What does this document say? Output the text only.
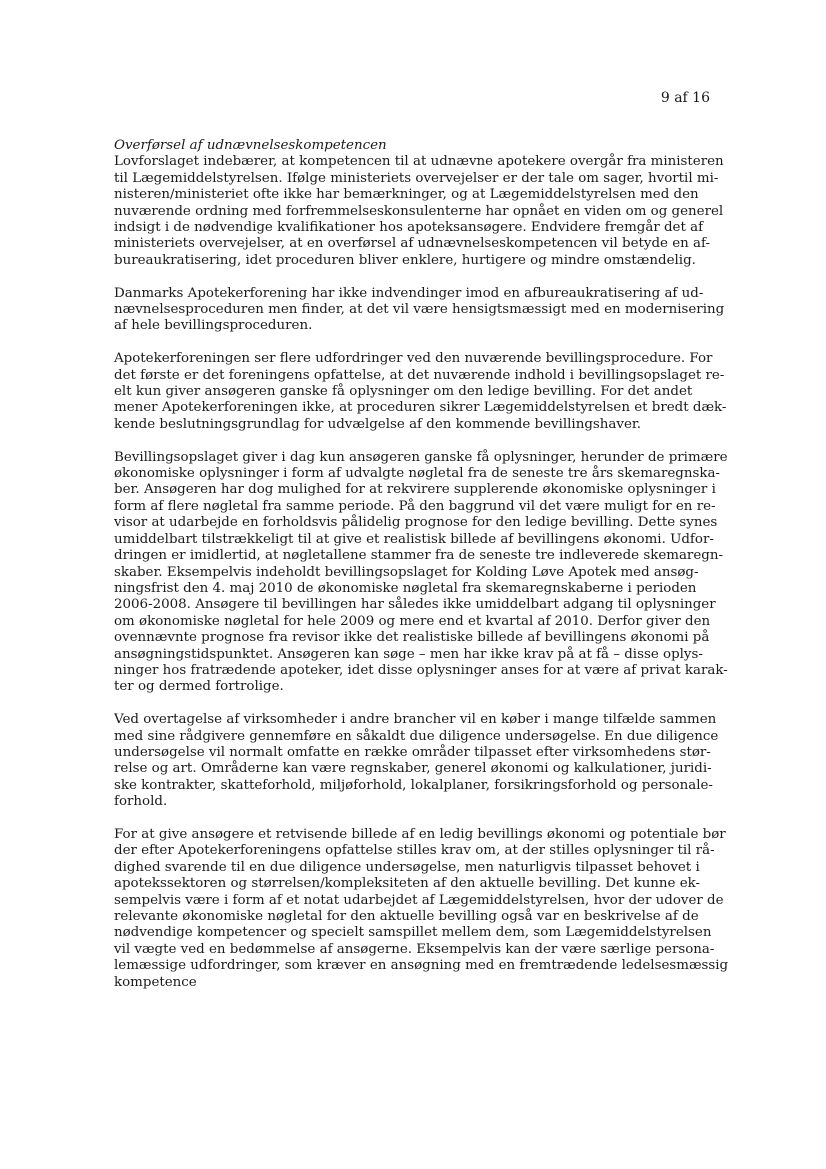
9 af 16

Overførsel af udnævnelseskompetencen

Lovforslaget indebærer, at kompetencen til at udnævne apotekere overgår fra ministeren
til Lægemiddelstyrelsen. Ifølge ministeriets overvejelser er der tale om sager, hvortil mi-
nisteren/ministeriet ofte ikke har bemærkninger, og at Lægemiddelstyrelsen med den
nuværende ordning med forfremmelseskonsulenterne har opnået en viden om og generel
indsigt i de nødvendige kvalifikationer hos apoteksansøgere. Endvidere fremgår det af
ministeriets overvejelser, at en overførsel af udnævnelseskompetencen vil betyde en af-
bureaukratisering, idet proceduren bliver enklere, hurtigere og mindre omstændelig.
Danmarks Apotekerforening har ikke indvendinger imod en afbureaukratisering af ud-
nævnelsesproceduren men finder, at det vil være hensigtsmæssigt med en modernisering
af hele bevillingsproceduren.
Apotekerforeningen ser flere udfordringer ved den nuværende bevillingsprocedure. For
det første er det foreningens opfattelse, at det nuværende indhold i bevillingsopslaget re-
elt kun giver ansøgeren ganske få oplysninger om den ledige bevilling. For det andet
mener Apotekerforeningen ikke, at proceduren sikrer Lægemiddelstyrelsen et bredt dæk-
kende beslutningsgrundlag for udvælgelse af den kommende bevillingshaver.
Bevillingsopslaget giver i dag kun ansøgeren ganske få oplysninger, herunder de primære
økonomiske oplysninger i form af udvalgte nøgletal fra de seneste tre års skemaregnska-
ber. Ansøgeren har dog mulighed for at rekvirere supplerende økonomiske oplysninger i
form af flere nøgletal fra samme periode. På den baggrund vil det være muligt for en re-
visor at udarbejde en forholdsvis pålidelig prognose for den ledige bevilling. Dette synes
umiddelbart tilstrækkeligt til at give et realistisk billede af bevillingens økonomi. Udfor-
dringen er imidlertid, at nøgletallene stammer fra de seneste tre indleverede skemaregn-
skaber. Eksempelvis indeholdt bevillingsopslaget for Kolding Løve Apotek med ansøg-
ningsfrist den 4. maj 2010 de økonomiske nøgletal fra skemaregnskaberne i perioden
2006-2008. Ansøgere til bevillingen har således ikke umiddelbart adgang til oplysninger
om økonomiske nøgletal for hele 2009 og mere end et kvartal af 2010. Derfor giver den
ovennævnte prognose fra revisor ikke det realistiske billede af bevillingens økonomi på
ansøgningstidspunktet. Ansøgeren kan søge – men har ikke krav på at få – disse oplys-
ninger hos fratrædende apoteker, idet disse oplysninger anses for at være af privat karak-
ter og dermed fortrolige.
Ved overtagelse af virksomheder i andre brancher vil en køber i mange tilfælde sammen
med sine rådgivere gennemføre en såkaldt due diligence undersøgelse. En due diligence
undersøgelse vil normalt omfatte en række områder tilpasset efter virksomhedens stør-
relse og art. Områderne kan være regnskaber, generel økonomi og kalkulationer, juridi-
ske kontrakter, skatteforhold, miljøforhold, lokalplaner, forsikringsforhold og personale-
forhold.
For at give ansøgere et retvisende billede af en ledig bevillings økonomi og potentiale bør
der efter Apotekerforeningens opfattelse stilles krav om, at der stilles oplysninger til rå-
dighed svarende til en due diligence undersøgelse, men naturligvis tilpasset behovet i
apotekssektoren og størrelsen/kompleksiteten af den aktuelle bevilling. Det kunne ek-
sempelvis være i form af et notat udarbejdet af Lægemiddelstyrelsen, hvor der udover de
relevante økonomiske nøgletal for den aktuelle bevilling også var en beskrivelse af de
nødvendige kompetencer og specielt samspillet mellem dem, som Lægemiddelstyrelsen
vil vægte ved en bedømmelse af ansøgerne. Eksempelvis kan der være særlige persona-
lemæssige udfordringer, som kræver en ansøgning med en fremtrædende ledelsesmæssig
kompetence
